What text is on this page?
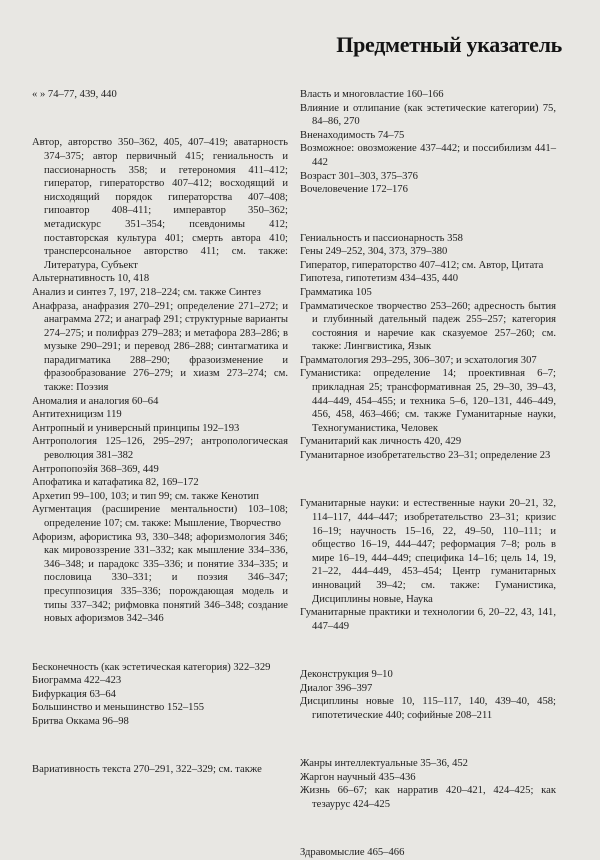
Предметный указатель

« » 74–77, 439, 440

Автор, авторство 350–362, 405, 407–419; аватарность 374–375; автор первичный 415; гениальность и пассионарность 358; и гетерономия 411–412; гиператор, гиператорство 407–412; восходящий и нисходящий порядок гиператорства 407–408; гипоавтор 408–411; имперавтор 350–362; метадискурс 351–354; псевдонимы 412; поставторская культура 401; смерть автора 410; трансперсональное авторство 411; см. также: Литература, Субъект

Альтернативность 10, 418

Анализ и синтез 7, 197, 218–224; см. также Синтез

Анафраза, анафразия 270–291; определение 271–272; и анаграмма 272; и анаграф 291; структурные варианты 274–275; и полифраз 279–283; и метафора 283–286; в музыке 290–291; и перевод 286–288; синтагматика и парадигматика 288–290; фразоизменение и фразообразование 276–279; и хиазм 273–274; см. также: Поэзия

Аномалия и аналогия 60–64

Антитехницизм 119

Антропный и универсный принципы 192–193

Антропология 125–126, 295–297; антропологическая революция 381–382

Антропопоэйя 368–369, 449

Апофатика и катафатика 82, 169–172

Архетип 99–100, 103; и тип 99; см. также Кенотип

Аугментация (расширение ментальности) 103–108; определение 107; см. также: Мышление, Творчество

Афоризм, афористика 93, 330–348; афоризмология 346; как мировоззрение 331–332; как мышление 334–336, 346–348; и парадокс 335–336; и понятие 334–335; и пословица 330–331; и поэзия 346–347; пресуппозиция 335–336; порождающая модель и типы 337–342; рифмовка понятий 346–348; создание новых афоризмов 342–346

Бесконечность (как эстетическая категория) 322–329

Биограмма 422–423

Бифуркация 63–64

Большинство и меньшинство 152–155

Бритва Оккама 96–98

Вариативность текста 270–291, 322–329; см. также

Власть и многовластие 160–166

Влияние и отлипание (как эстетические категории) 75, 84–86, 270

Вненаходимость 74–75

Возможное: овозможение 437–442; и поссибилизм 441–442

Возраст 301–303, 375–376

Вочеловечение 172–176

Гениальность и пассионарность 358

Гены 249–252, 304, 373, 379–380

Гиператор, гиператорство 407–412; см. Автор, Цитата

Гипотеза, гипотетизм 434–435, 440

Грамматика 105

Грамматическое творчество 253–260; адресность бытия и глубинный дательный падеж 255–257; категория состояния и наречие как сказуемое 257–260; см. также: Лингвистика, Язык

Грамматология 293–295, 306–307; и эсхатология 307

Гуманистика: определение 14; проективная 6–7; прикладная 25; трансформативная 25, 29–30, 39–43, 444–449, 454–455; и техника 5–6, 120–131, 446–449, 456, 458, 463–466; см. также Гуманитарные науки, Техногуманистика, Человек

Гуманитарий как личность 420, 429

Гуманитарное изобретательство 23–31; определение 23

Гуманитарные науки: и естественные науки 20–21, 32, 114–117, 444–447; изобретательство 23–31; кризис 16–19; научность 15–16, 22, 49–50, 110–111; и общество 16–19, 444–447; реформация 7–8; роль в мире 16–19, 444–449; специфика 14–16; цель 14, 19, 21–22, 444–449, 453–454; Центр гуманитарных инноваций 39–42; см. также: Гуманистика, Дисциплины новые, Наука

Гуманитарные практики и технологии 6, 20–22, 43, 141, 447–449

Деконструкция 9–10

Диалог 396–397

Дисциплины новые 10, 115–117, 140, 439–40, 458; гипотетические 440; софийные 208–211

Жанры интеллектуальные 35–36, 452

Жаргон научный 435–436

Жизнь 66–67; как нарратив 420–421, 424–425; как тезаурус 424–425

Здравомыслие 465–466
